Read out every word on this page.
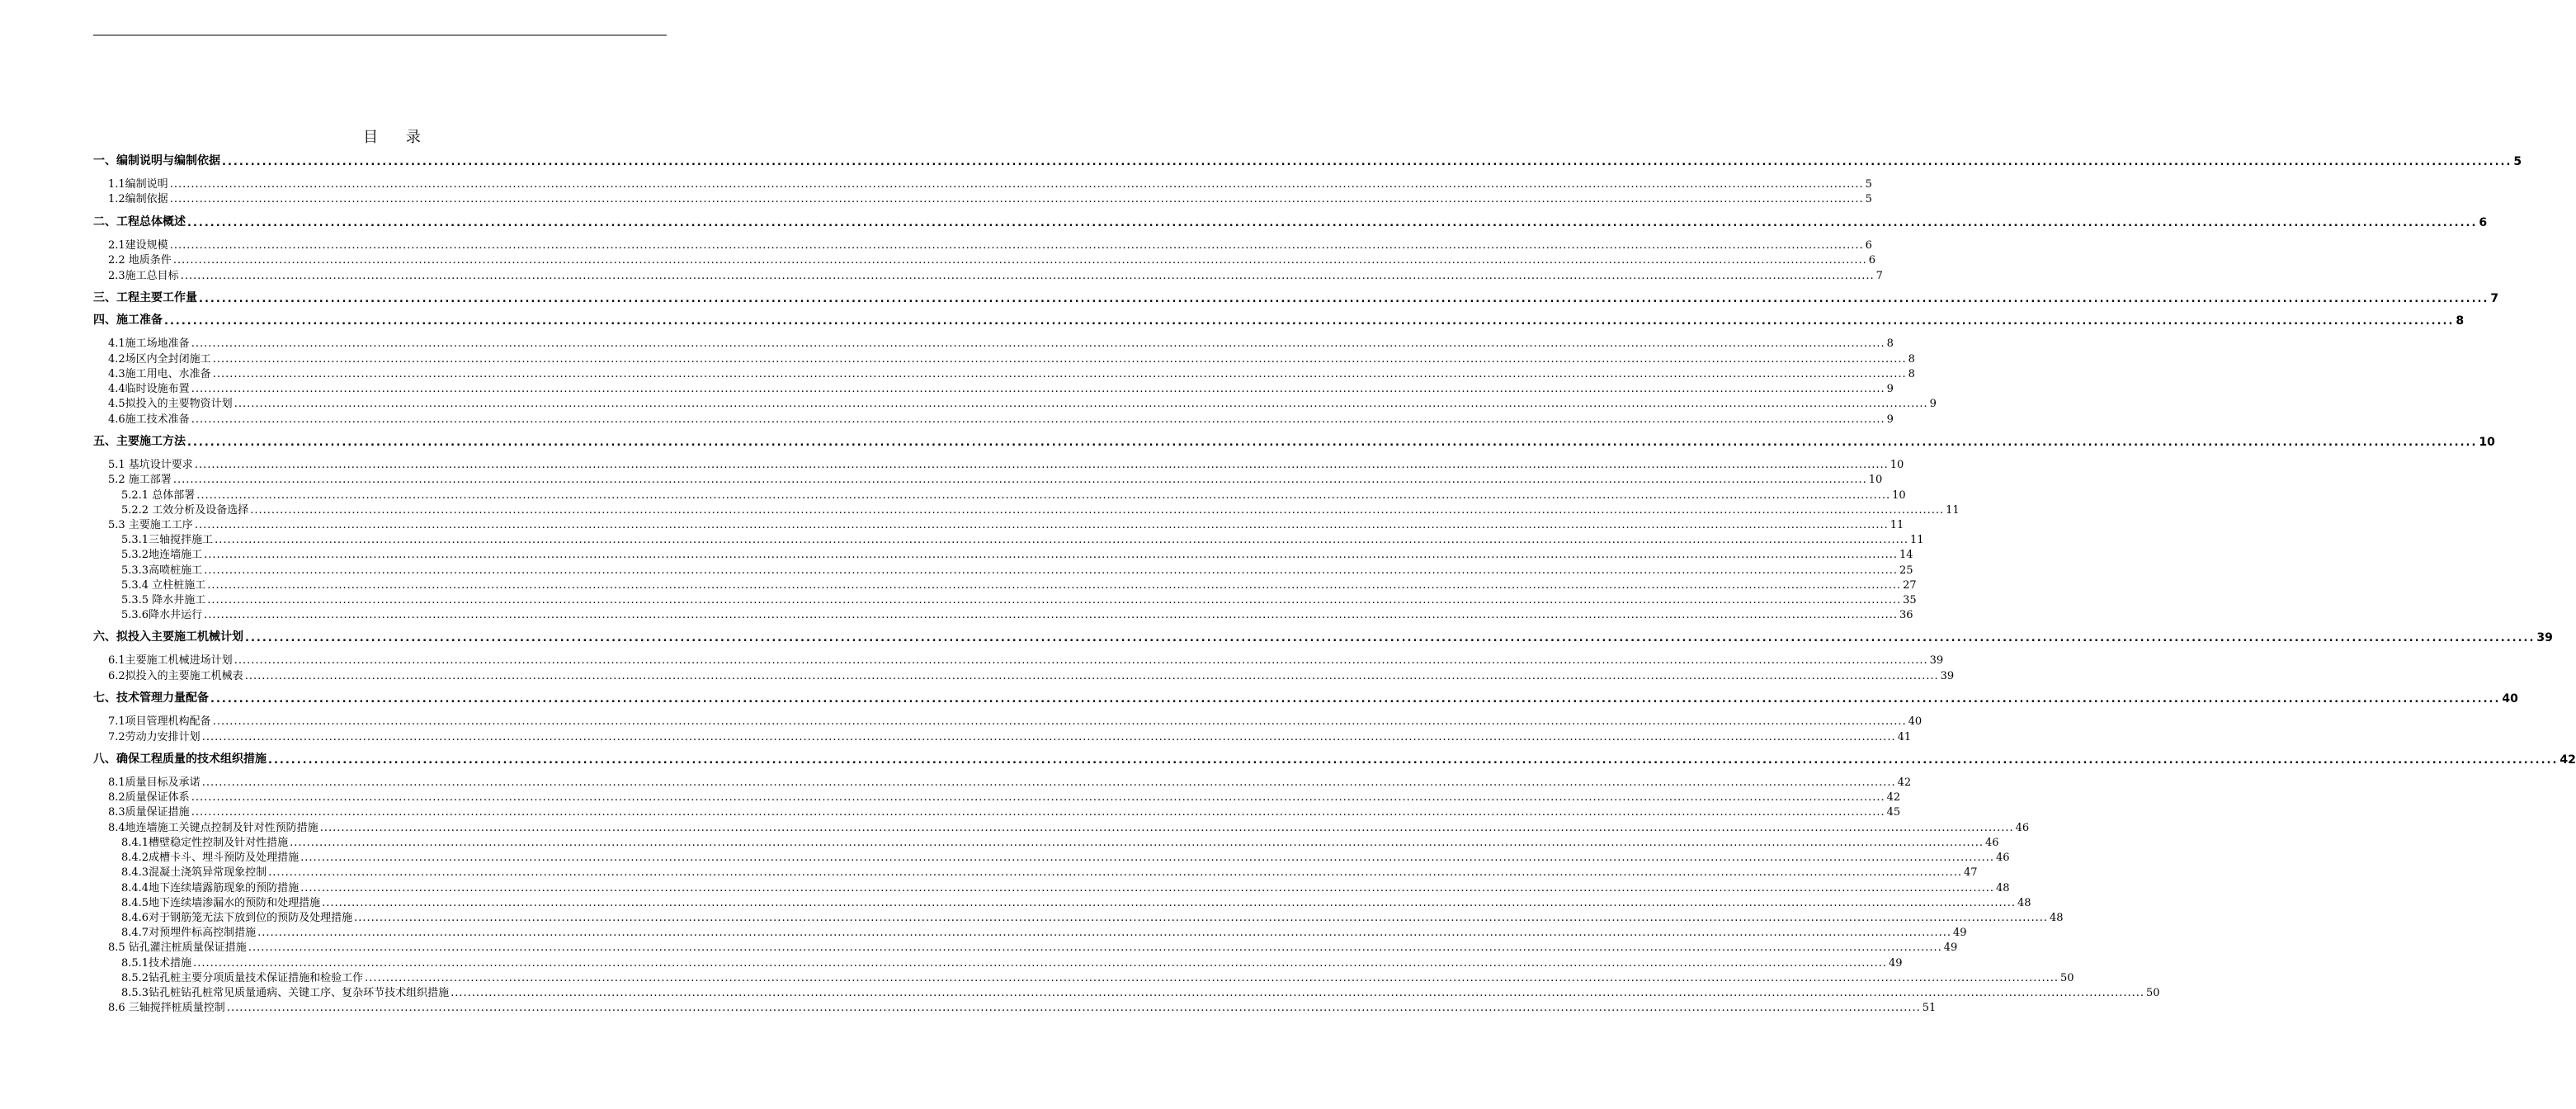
目 录
一、编制说明与编制依据 ................................................................................................................................................................................................................................................................................................................................................................................................................ 5
1.1编制说明 ................................................................................................................................................................................................................................................................................................................................................................................................................ 5
1.2编制依据 ................................................................................................................................................................................................................................................................................................................................................................................................................ 5
二、工程总体概述 ................................................................................................................................................................................................................................................................................................................................................................................................................ 6
2.1建设规模 ................................................................................................................................................................................................................................................................................................................................................................................................................ 6
2.2 地质条件 ................................................................................................................................................................................................................................................................................................................................................................................................................ 6
2.3施工总目标 ................................................................................................................................................................................................................................................................................................................................................................................................................ 7
三、工程主要工作量 ................................................................................................................................................................................................................................................................................................................................................................................................................ 7
四、施工准备 ................................................................................................................................................................................................................................................................................................................................................................................................................ 8
4.1施工场地准备 ................................................................................................................................................................................................................................................................................................................................................................................................................ 8
4.2场区内全封闭施工 ................................................................................................................................................................................................................................................................................................................................................................................................................ 8
4.3施工用电、水准备 ................................................................................................................................................................................................................................................................................................................................................................................................................ 8
4.4临时设施布置 ................................................................................................................................................................................................................................................................................................................................................................................................................ 9
4.5拟投入的主要物资计划 ................................................................................................................................................................................................................................................................................................................................................................................................................ 9
4.6施工技术准备 ................................................................................................................................................................................................................................................................................................................................................................................................................ 9
五、主要施工方法 ................................................................................................................................................................................................................................................................................................................................................................................................................ 10
5.1 基坑设计要求 ................................................................................................................................................................................................................................................................................................................................................................................................................ 10
5.2 施工部署 ................................................................................................................................................................................................................................................................................................................................................................................................................ 10
5.2.1 总体部署 ................................................................................................................................................................................................................................................................................................................................................................................................................ 10
5.2.2 工效分析及设备选择 ................................................................................................................................................................................................................................................................................................................................................................................................................ 11
5.3 主要施工工序 ................................................................................................................................................................................................................................................................................................................................................................................................................ 11
5.3.1三轴搅拌施工 ................................................................................................................................................................................................................................................................................................................................................................................................................ 11
5.3.2地连墙施工 ................................................................................................................................................................................................................................................................................................................................................................................................................ 14
5.3.3高喷桩施工 ................................................................................................................................................................................................................................................................................................................................................................................................................ 25
5.3.4 立柱桩施工 ................................................................................................................................................................................................................................................................................................................................................................................................................ 27
5.3.5 降水井施工 ................................................................................................................................................................................................................................................................................................................................................................................................................ 35
5.3.6降水井运行 ................................................................................................................................................................................................................................................................................................................................................................................................................ 36
六、拟投入主要施工机械计划 ................................................................................................................................................................................................................................................................................................................................................................................................................ 39
6.1主要施工机械进场计划 ................................................................................................................................................................................................................................................................................................................................................................................................................ 39
6.2拟投入的主要施工机械表 ................................................................................................................................................................................................................................................................................................................................................................................................................ 39
七、技术管理力量配备 ................................................................................................................................................................................................................................................................................................................................................................................................................ 40
7.1项目管理机构配备 ................................................................................................................................................................................................................................................................................................................................................................................................................ 40
7.2劳动力安排计划 ................................................................................................................................................................................................................................................................................................................................................................................................................ 41
八、确保工程质量的技术组织措施 ................................................................................................................................................................................................................................................................................................................................................................................................................ 42
8.1质量目标及承诺 ................................................................................................................................................................................................................................................................................................................................................................................................................ 42
8.2质量保证体系 ................................................................................................................................................................................................................................................................................................................................................................................................................ 42
8.3质量保证措施 ................................................................................................................................................................................................................................................................................................................................................................................................................ 45
8.4地连墙施工关键点控制及针对性预防措施 ................................................................................................................................................................................................................................................................................................................................................................................................................ 46
8.4.1槽壁稳定性控制及针对性措施 ................................................................................................................................................................................................................................................................................................................................................................................................................ 46
8.4.2成槽卡斗、埋斗预防及处理措施 ................................................................................................................................................................................................................................................................................................................................................................................................................ 46
8.4.3混凝土浇筑异常现象控制 ................................................................................................................................................................................................................................................................................................................................................................................................................ 47
8.4.4地下连续墙露筋现象的预防措施 ................................................................................................................................................................................................................................................................................................................................................................................................................ 48
8.4.5地下连续墙渗漏水的预防和处理措施 ................................................................................................................................................................................................................................................................................................................................................................................................................ 48
8.4.6对于钢筋笼无法下放到位的预防及处理措施 ................................................................................................................................................................................................................................................................................................................................................................................................................ 48
8.4.7对预埋件标高控制措施 ................................................................................................................................................................................................................................................................................................................................................................................................................ 49
8.5 钻孔灌注桩质量保证措施 ................................................................................................................................................................................................................................................................................................................................................................................................................ 49
8.5.1技术措施 ................................................................................................................................................................................................................................................................................................................................................................................................................ 49
8.5.2钻孔桩主要分项质量技术保证措施和检验工作 ................................................................................................................................................................................................................................................................................................................................................................................................................ 50
8.5.3钻孔桩钻孔桩常见质量通病、关键工序、复杂环节技术组织措施 ................................................................................................................................................................................................................................................................................................................................................................................................................ 50
8.6 三轴搅拌桩质量控制 ................................................................................................................................................................................................................................................................................................................................................................................................................ 51
